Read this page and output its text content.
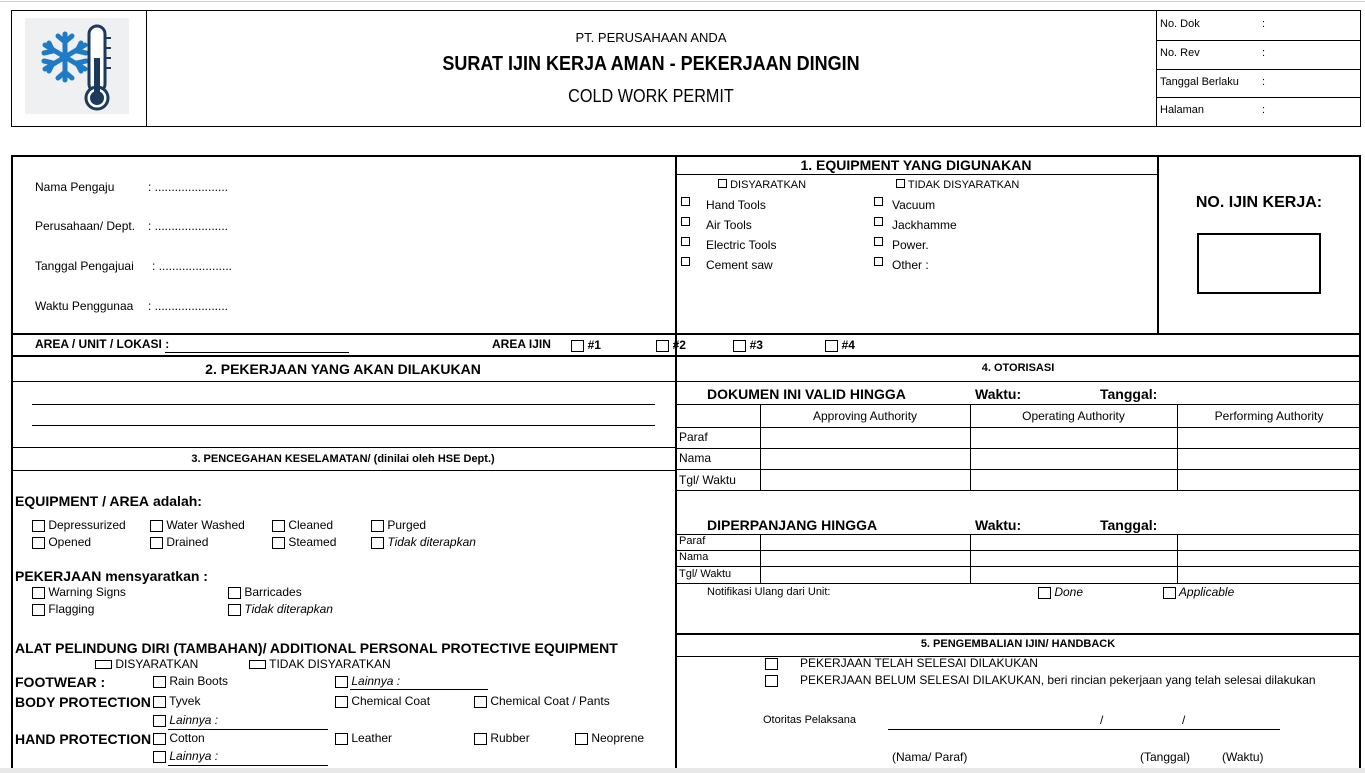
PT. PERUSAHAAN ANDA
SURAT IJIN KERJA AMAN - PEKERJAAN DINGIN
COLD WORK PERMIT
No. Dok	:
No. Rev	:
Tanggal Berlaku :
Halaman	:
Nama Pengaju	: ......................
Perusahaan/ Dept. : ......................
Tanggal Pengajuai : ......................
Waktu Penggunaa : ......................
1. EQUIPMENT YANG DIGUNAKAN
DISYARATKAN	TIDAK DISYARATKAN
Hand Tools
Air Tools
Electric Tools
Cement saw
Vacuum
Jackhamme
Power.
Other :
NO. IJIN KERJA:
AREA / UNIT / LOKASI :	AREA IJIN	#1	#2	#3	#4
2. PEKERJAAN YANG AKAN DILAKUKAN
3. PENCEGAHAN KESELAMATAN/ (dinilai oleh HSE Dept.)
EQUIPMENT / AREA adalah:
Depressurized	Water Washed	Cleaned	Purged
Opened	Drained	Steamed	Tidak diterapkan
PEKERJAAN mensyaratkan :
Warning Signs	Barricades
Flagging	Tidak diterapkan
ALAT PELINDUNG DIRI (TAMBAHAN)/ ADDITIONAL PERSONAL PROTECTIVE EQUIPMENT
DISYARATKAN	TIDAK DISYARATKAN
FOOTWEAR :	Rain Boots	Lainnya :
BODY PROTECTION	Tyvek	Chemical Coat	Chemical Coat / Pants
Lainnya :
HAND PROTECTION	Cotton	Leather	Rubber	Neoprene
Lainnya :
4. OTORISASI
DOKUMEN INI VALID HINGGA	Waktu:	Tanggal:
Approving Authority	Operating Authority	Performing Authority
Paraf
Nama
Tgl/ Waktu
DIPERPANJANG HINGGA	Waktu:	Tanggal:
Paraf
Nama
Tgl/ Waktu
Notifikasi Ulang dari Unit:	Done	Applicable
5. PENGEMBALIAN IJIN/ HANDBACK
PEKERJAAN TELAH SELESAI DILAKUKAN
PEKERJAAN BELUM SELESAI DILAKUKAN, beri rincian pekerjaan yang telah selesai dilakukan
Otoritas Pelaksana	/	/
(Nama/ Paraf)	(Tanggal)	(Waktu)
